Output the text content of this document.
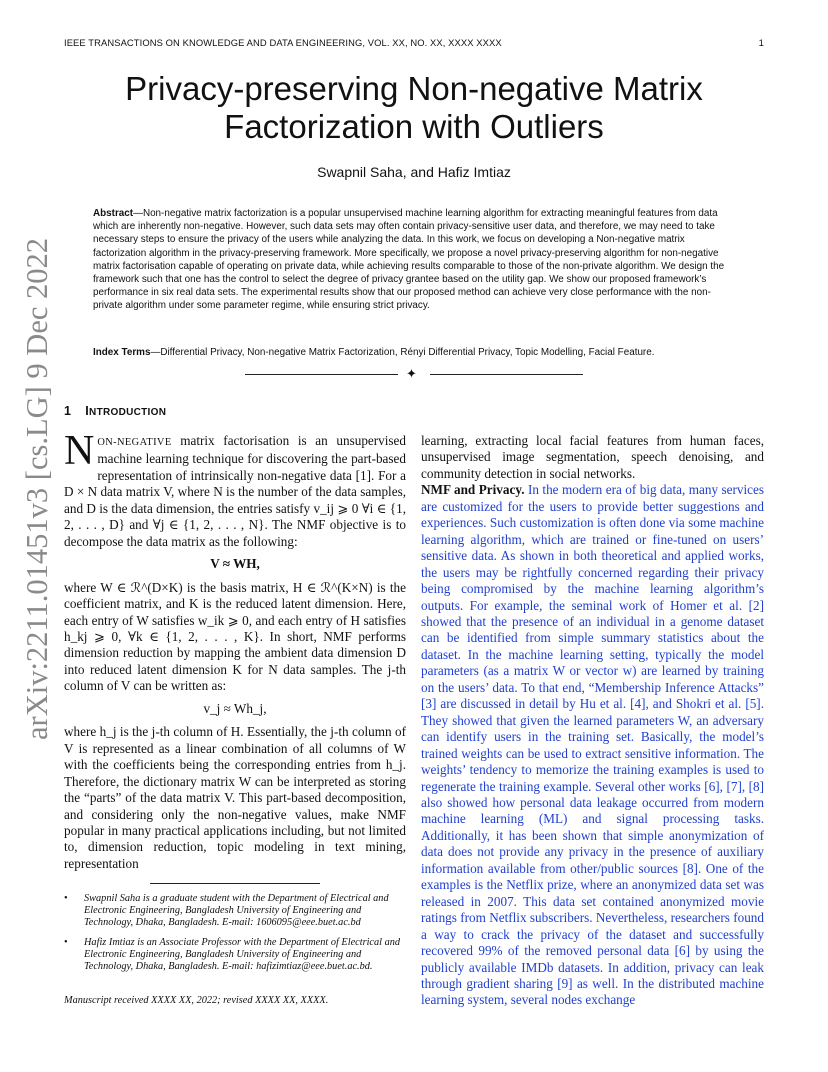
IEEE TRANSACTIONS ON KNOWLEDGE AND DATA ENGINEERING, VOL. XX, NO. XX, XXXX XXXX	1
arXiv:2211.01451v3 [cs.LG] 9 Dec 2022
Privacy-preserving Non-negative Matrix
Factorization with Outliers
Swapnil Saha, and Hafiz Imtiaz

Abstract—Non-negative matrix factorization is a popular unsupervised machine learning algorithm for extracting meaningful features from data which are inherently non-negative. However, such data sets may often contain privacy-sensitive user data, and therefore, we may need to take necessary steps to ensure the privacy of the users while analyzing the data. In this work, we focus on developing a Non-negative matrix factorization algorithm in the privacy-preserving framework. More specifically, we propose a novel privacy-preserving algorithm for non-negative matrix factorisation capable of operating on private data, while achieving results comparable to those of the non-private algorithm. We design the framework such that one has the control to select the degree of privacy grantee based on the utility gap. We show our proposed framework’s performance in six real data sets. The experimental results show that our proposed method can achieve very close performance with the non-private algorithm under some parameter regime, while ensuring strict privacy.

Index Terms—Differential Privacy, Non-negative Matrix Factorization, Rényi Differential Privacy, Topic Modelling, Facial Feature.

✦
1 INTRODUCTION

NON-NEGATIVE matrix factorisation is an unsupervised machine learning technique for discovering the part-based representation of intrinsically non-negative data [1]. For a D × N data matrix V, where N is the number of the data samples, and D is the data dimension, the entries satisfy v_ij ⩾ 0 ∀i ∈ {1, 2, . . . , D} and ∀j ∈ {1, 2, . . . , N}. The NMF objective is to decompose the data matrix as the following:

V ≈ WH,

where W ∈ ℛ^(D×K) is the basis matrix, H ∈ ℛ^(K×N) is the coefficient matrix, and K is the reduced latent dimension. Here, each entry of W satisfies w_ik ⩾ 0, and each entry of H satisfies h_kj ⩾ 0, ∀k ∈ {1, 2, . . . , K}. In short, NMF performs dimension reduction by mapping the ambient data dimension D into reduced latent dimension K for N data samples. The j-th column of V can be written as:

v_j ≈ Wh_j,

where h_j is the j-th column of H. Essentially, the j-th column of V is represented as a linear combination of all columns of W with the coefficients being the corresponding entries from h_j. Therefore, the dictionary matrix W can be interpreted as storing the “parts” of the data matrix V. This part-based decomposition, and considering only the non-negative values, make NMF popular in many practical applications including, but not limited to, dimension reduction, topic modeling in text mining, representation

learning, extracting local facial features from human faces, unsupervised image segmentation, speech denoising, and community detection in social networks.

NMF and Privacy. In the modern era of big data, many services are customized for the users to provide better suggestions and experiences. Such customization is often done via some machine learning algorithm, which are trained or fine-tuned on users’ sensitive data. As shown in both theoretical and applied works, the users may be rightfully concerned regarding their privacy being compromised by the machine learning algorithm’s outputs. For example, the seminal work of Homer et al. [2] showed that the presence of an individual in a genome dataset can be identified from simple summary statistics about the dataset. In the machine learning setting, typically the model parameters (as a matrix W or vector w) are learned by training on the users’ data. To that end, “Membership Inference Attacks” [3] are discussed in detail by Hu et al. [4], and Shokri et al. [5]. They showed that given the learned parameters W, an adversary can identify users in the training set. Basically, the model’s trained weights can be used to extract sensitive information. The weights’ tendency to memorize the training examples is used to regenerate the training example. Several other works [6], [7], [8] also showed how personal data leakage occurred from modern machine learning (ML) and signal processing tasks. Additionally, it has been shown that simple anonymization of data does not provide any privacy in the presence of auxiliary information available from other/public sources [8]. One of the examples is the Netflix prize, where an anonymized data set was released in 2007. This data set contained anonymized movie ratings from Netflix subscribers. Nevertheless, researchers found a way to crack the privacy of the dataset and successfully recovered 99% of the removed personal data [6] by using the publicly available IMDb datasets. In addition, privacy can leak through gradient sharing [9] as well. In the distributed machine learning system, several nodes exchange

• Swapnil Saha is a graduate student with the Department of Electrical and Electronic Engineering, Bangladesh University of Engineering and Technology, Dhaka, Bangladesh. E-mail: 1606095@eee.buet.ac.bd
• Hafiz Imtiaz is an Associate Professor with the Department of Electrical and Electronic Engineering, Bangladesh University of Engineering and Technology, Dhaka, Bangladesh. E-mail: hafizimtiaz@eee.buet.ac.bd.
Manuscript received XXXX XX, 2022; revised XXXX XX, XXXX.
